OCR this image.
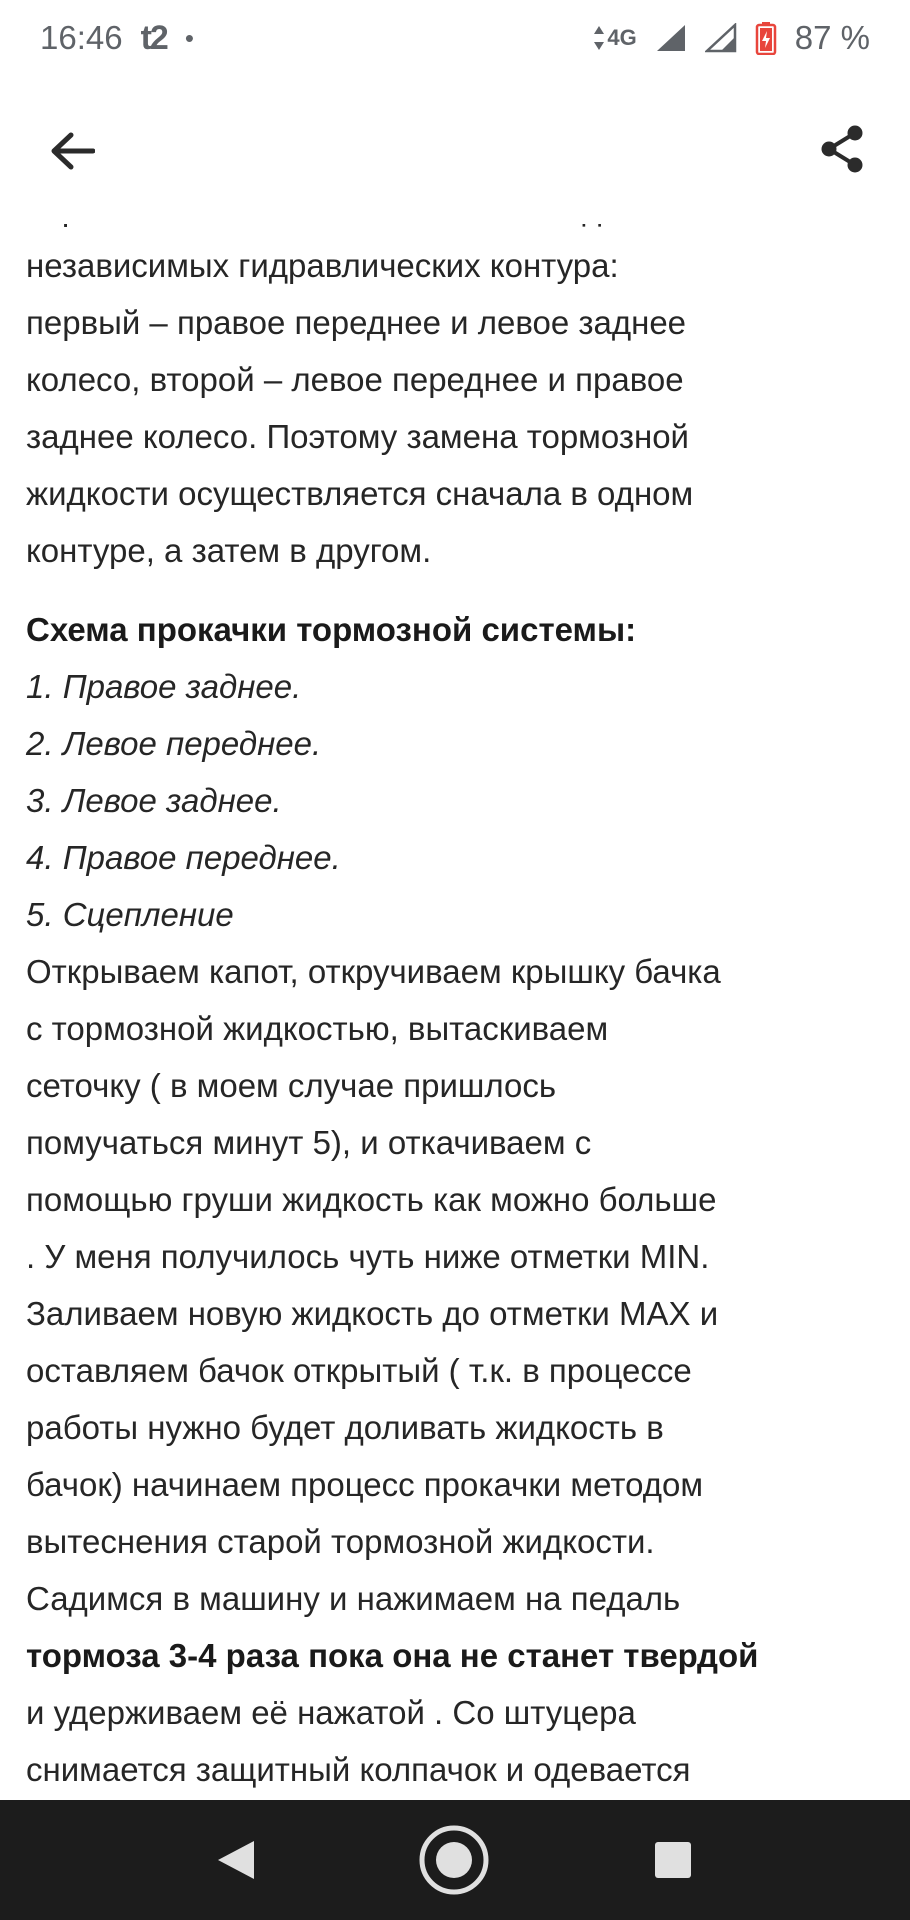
16:46 t2 •	4G	87 %

независимых гидравлических контура:

первый – правое переднее и левое заднее

колесо, второй – левое переднее и правое

заднее колесо. Поэтому замена тормозной

жидкости осуществляется сначала в одном

контуре, а затем в другом.

Схема прокачки тормозной системы:

1. Правое заднее.

2. Левое переднее.

3. Левое заднее.

4. Правое переднее.

5. Сцепление

Открываем капот, откручиваем крышку бачка

с тормозной жидкостью, вытаскиваем

сеточку ( в моем случае пришлось

помучаться минут 5), и откачиваем с

помощью груши жидкость как можно больше

. У меня получилось чуть ниже отметки MIN.

Заливаем новую жидкость до отметки MAX и

оставляем бачок открытый ( т.к. в процессе

работы нужно будет доливать жидкость в

бачок) начинаем процесс прокачки методом

вытеснения старой тормозной жидкости.

Садимся в машину и нажимаем на педаль

тормоза 3-4 раза пока она не станет твердой

и удерживаем её нажатой . Со штуцера

снимается защитный колпачок и одевается
